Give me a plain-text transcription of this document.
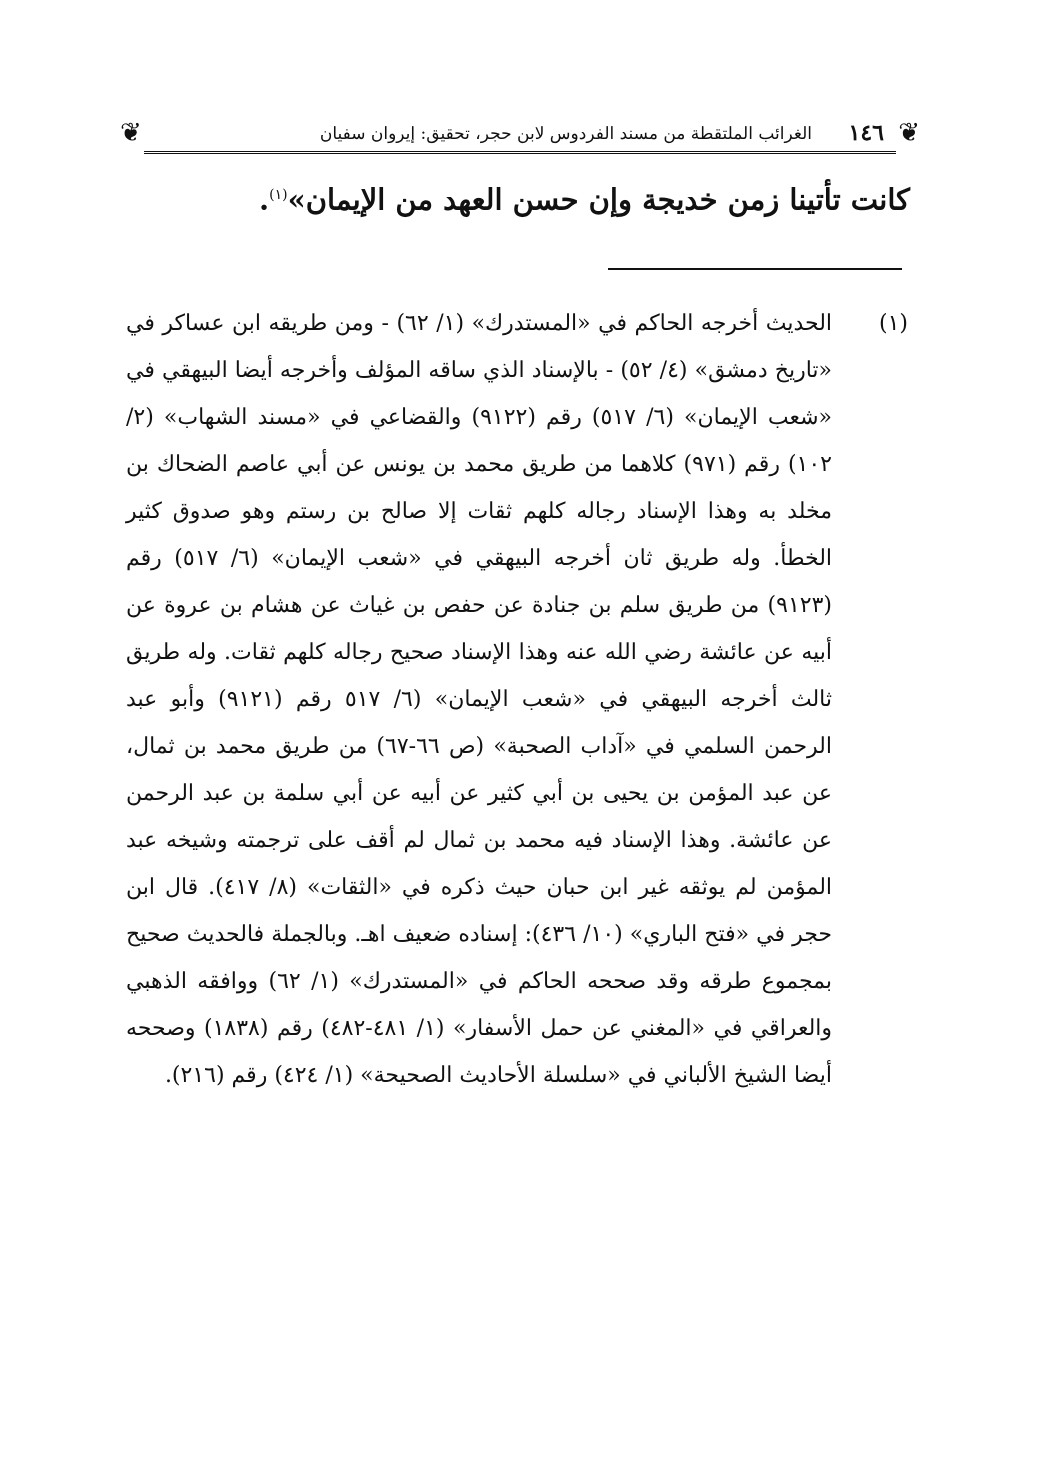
❦
١٤٦
الغرائب الملتقطة من مسند الفردوس لابن حجر، تحقيق: إيروان سفيان
❦
كانت تأتينا زمن خديجة وإن حسن العهد من الإيمان»$^{(١)}$.
(١)
الحديث أخرجه الحاكم في «المستدرك» (١/ ٦٢) - ومن طريقه ابن عساكر في «تاريخ دمشق» (٤/ ٥٢) - بالإسناد الذي ساقه المؤلف وأخرجه أيضا البيهقي في «شعب الإيمان» (٦/ ٥١٧) رقم (٩١٢٢) والقضاعي في «مسند الشهاب» (٢/ ١٠٢) رقم (٩٧١) كلاهما من طريق محمد بن يونس عن أبي عاصم الضحاك بن مخلد به وهذا الإسناد رجاله كلهم ثقات إلا صالح بن رستم وهو صدوق كثير الخطأ. وله طريق ثان أخرجه البيهقي في «شعب الإيمان» (٦/ ٥١٧) رقم (٩١٢٣) من طريق سلم بن جنادة عن حفص بن غياث عن هشام بن عروة عن أبيه عن عائشة رضي الله عنه وهذا الإسناد صحيح رجاله كلهم ثقات. وله طريق ثالث أخرجه البيهقي في «شعب الإيمان» (٦/ ٥١٧ رقم (٩١٢١) وأبو عبد الرحمن السلمي في «آداب الصحبة» (ص ٦٦-٦٧) من طريق محمد بن ثمال، عن عبد المؤمن بن يحيى بن أبي كثير عن أبيه عن أبي سلمة بن عبد الرحمن عن عائشة. وهذا الإسناد فيه محمد بن ثمال لم أقف على ترجمته وشيخه عبد المؤمن لم يوثقه غير ابن حبان حيث ذكره في «الثقات» (٨/ ٤١٧). قال ابن حجر في «فتح الباري» (١٠/ ٤٣٦): إسناده ضعيف اهـ. وبالجملة فالحديث صحيح بمجموع طرقه وقد صححه الحاكم في «المستدرك» (١/ ٦٢) ووافقه الذهبي والعراقي في «المغني عن حمل الأسفار» (١/ ٤٨١-٤٨٢) رقم (١٨٣٨) وصححه أيضا الشيخ الألباني في «سلسلة الأحاديث الصحيحة» (١/ ٤٢٤) رقم (٢١٦).
